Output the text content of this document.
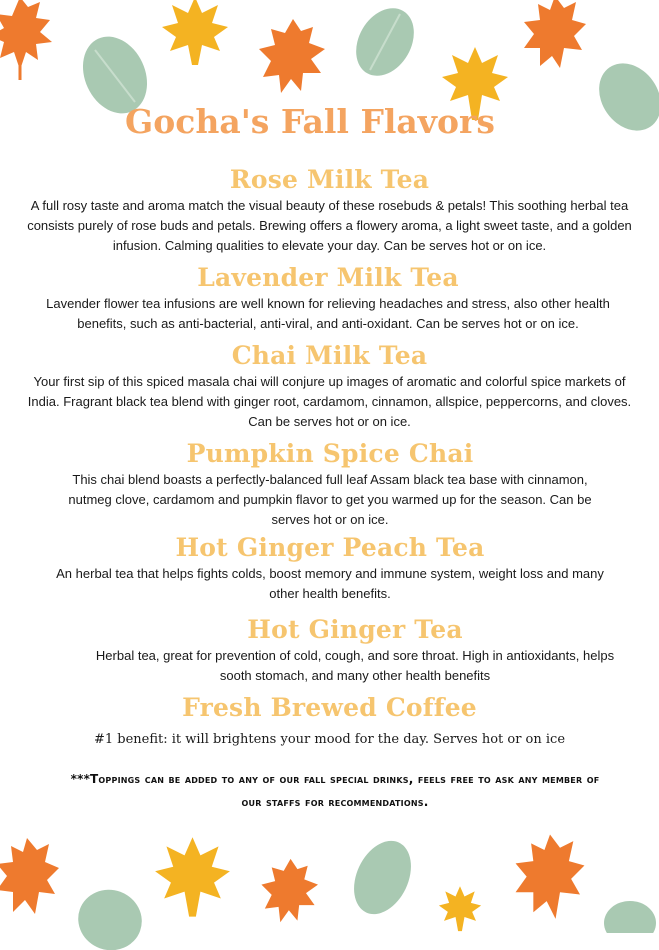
Gocha's Fall Flavors
Rose Milk Tea

A full rosy taste and aroma match the visual beauty of these rosebuds & petals! This soothing herbal tea consists purely of rose buds and petals. Brewing offers a flowery aroma, a light sweet taste, and a golden infusion. Calming qualities to elevate your day. Can be serves hot or on ice.

Lavender Milk Tea

Lavender flower tea infusions are well known for relieving headaches and stress, also other health benefits, such as anti-bacterial, anti-viral, and anti-oxidant. Can be serves hot or on ice.

Chai Milk Tea

Your first sip of this spiced masala chai will conjure up images of aromatic and colorful spice markets of India. Fragrant black tea blend with ginger root, cardamom, cinnamon, allspice, peppercorns, and cloves. Can be serves hot or on ice.

Pumpkin Spice Chai

This chai blend boasts a perfectly-balanced full leaf Assam black tea base with cinnamon, nutmeg clove, cardamom and pumpkin flavor to get you warmed up for the season. Can be serves hot or on ice.

Hot Ginger Peach Tea

An herbal tea that helps fights colds, boost memory and immune system, weight loss and many other health benefits.

Hot Ginger Tea

Herbal tea, great for prevention of cold, cough, and sore throat. High in antioxidants, helps sooth stomach, and many other health benefits

Fresh Brewed Coffee

#1 benefit: it will brightens your mood for the day. Serves hot or on ice

***Toppings can be added to any of our fall special drinks, feels free to ask any member of our staffs for recommendations.
